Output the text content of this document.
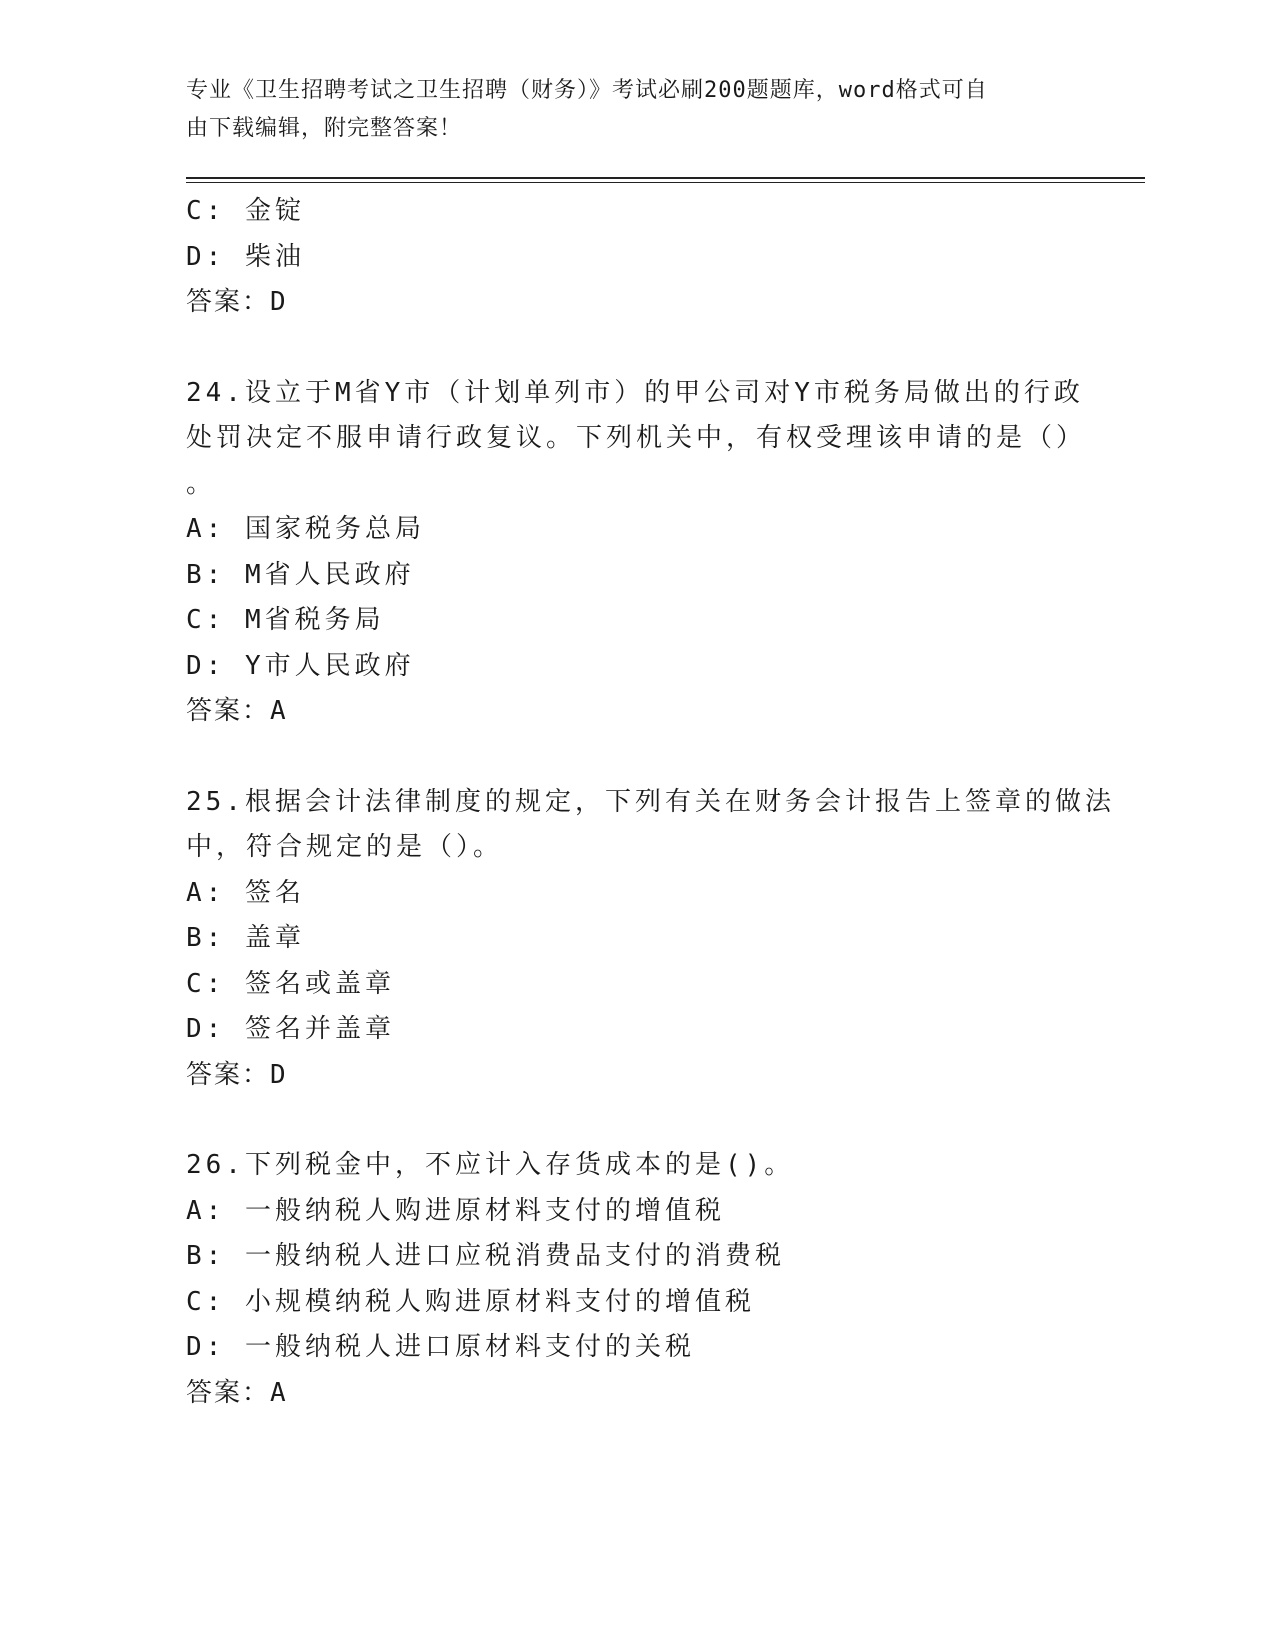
专业《卫生招聘考试之卫生招聘（财务）》考试必刷200题题库，word格式可自
由下载编辑，附完整答案！
C: 金锭
D: 柴油
答案：D
24.设立于M省Y市（计划单列市）的甲公司对Y市税务局做出的行政
处罚决定不服申请行政复议。下列机关中，有权受理该申请的是（）
。
A: 国家税务总局
B: M省人民政府
C: M省税务局
D: Y市人民政府
答案：A
25.根据会计法律制度的规定，下列有关在财务会计报告上签章的做法
中，符合规定的是（）。
A: 签名
B: 盖章
C: 签名或盖章
D: 签名并盖章
答案：D
26.下列税金中，不应计入存货成本的是()。
A: 一般纳税人购进原材料支付的增值税
B: 一般纳税人进口应税消费品支付的消费税
C: 小规模纳税人购进原材料支付的增值税
D: 一般纳税人进口原材料支付的关税
答案：A
